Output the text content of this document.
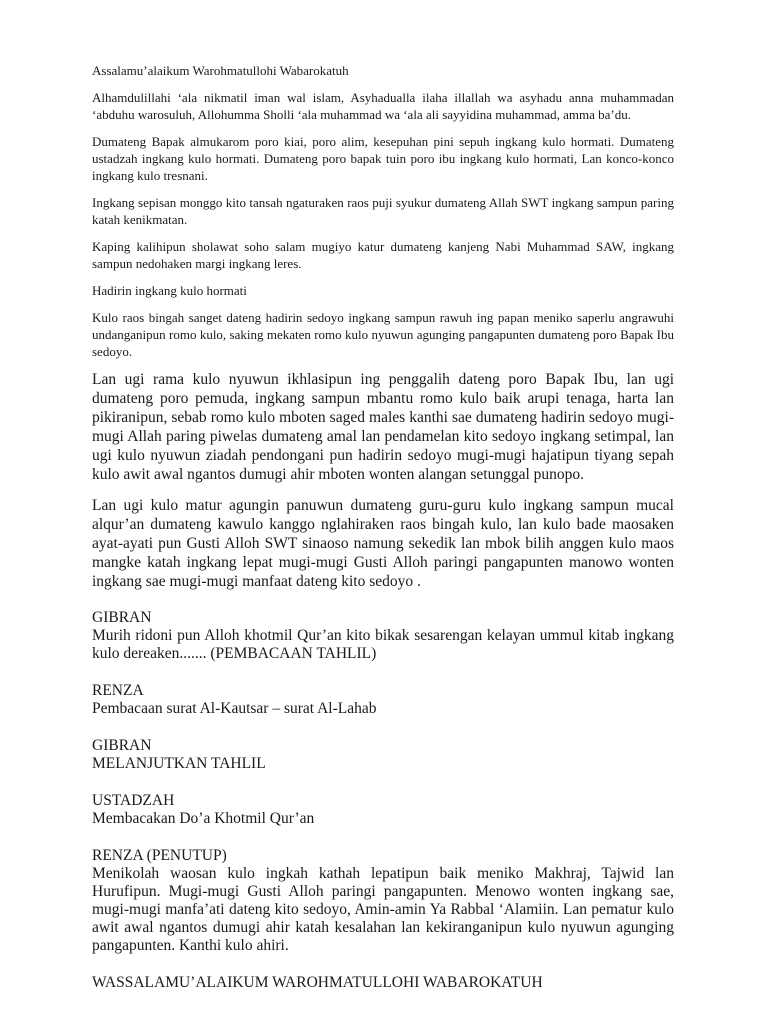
Assalamu’alaikum Warohmatullohi Wabarokatuh

Alhamdulillahi ‘ala nikmatil iman wal islam, Asyhadualla ilaha illallah wa asyhadu anna muhammadan ‘abduhu warosuluh, Allohumma Sholli ‘ala muhammad wa ‘ala ali sayyidina muhammad, amma ba’du.

Dumateng Bapak almukarom poro kiai, poro alim, kesepuhan pini sepuh ingkang kulo hormati. Dumateng ustadzah ingkang kulo hormati. Dumateng poro bapak tuin poro ibu ingkang kulo hormati, Lan konco-konco ingkang kulo tresnani.

Ingkang sepisan monggo kito tansah ngaturaken raos puji syukur dumateng Allah SWT ingkang sampun paring katah kenikmatan.

Kaping kalihipun sholawat soho salam mugiyo katur dumateng kanjeng Nabi Muhammad SAW, ingkang sampun nedohaken margi ingkang leres.

Hadirin ingkang kulo hormati

Kulo raos bingah sanget dateng hadirin sedoyo ingkang sampun rawuh ing papan meniko saperlu angrawuhi undanganipun romo kulo, saking mekaten romo kulo nyuwun agunging pangapunten dumateng poro Bapak Ibu sedoyo.

Lan ugi rama kulo nyuwun ikhlasipun ing penggalih dateng poro Bapak Ibu, lan ugi dumateng poro pemuda, ingkang sampun mbantu romo kulo baik arupi tenaga, harta lan pikiranipun, sebab romo kulo mboten saged males kanthi sae dumateng hadirin sedoyo mugi-mugi Allah paring piwelas dumateng amal lan pendamelan kito sedoyo ingkang setimpal, lan ugi kulo nyuwun ziadah pendongani pun hadirin sedoyo mugi-mugi hajatipun tiyang sepah kulo awit awal ngantos dumugi ahir mboten wonten alangan setunggal punopo.

Lan ugi kulo matur agungin panuwun dumateng guru-guru kulo ingkang sampun mucal alqur’an dumateng kawulo kanggo nglahiraken raos bingah kulo, lan kulo bade maosaken ayat-ayati pun Gusti Alloh SWT sinaoso namung sekedik lan mbok bilih anggen kulo maos mangke katah ingkang lepat mugi-mugi Gusti Alloh paringi pangapunten manowo wonten ingkang sae mugi-mugi manfaat dateng kito sedoyo .

GIBRAN
Murih ridoni pun Alloh khotmil Qur’an kito bikak sesarengan kelayan ummul kitab ingkang kulo dereaken....... (PEMBACAAN TAHLIL)
RENZA
Pembacaan surat Al-Kautsar – surat Al-Lahab
GIBRAN
MELANJUTKAN TAHLIL
USTADZAH
Membacakan Do’a Khotmil Qur’an
RENZA (PENUTUP)
Menikolah waosan kulo ingkah kathah lepatipun baik meniko Makhraj, Tajwid lan Hurufipun. Mugi-mugi Gusti Alloh paringi pangapunten. Menowo wonten ingkang sae, mugi-mugi manfa’ati dateng kito sedoyo, Amin-amin Ya Rabbal ‘Alamiin. Lan pematur kulo awit awal ngantos dumugi ahir katah kesalahan lan kekiranganipun kulo nyuwun agunging pangapunten. Kanthi kulo ahiri.

WASSALAMU’ALAIKUM WAROHMATULLOHI WABAROKATUH
